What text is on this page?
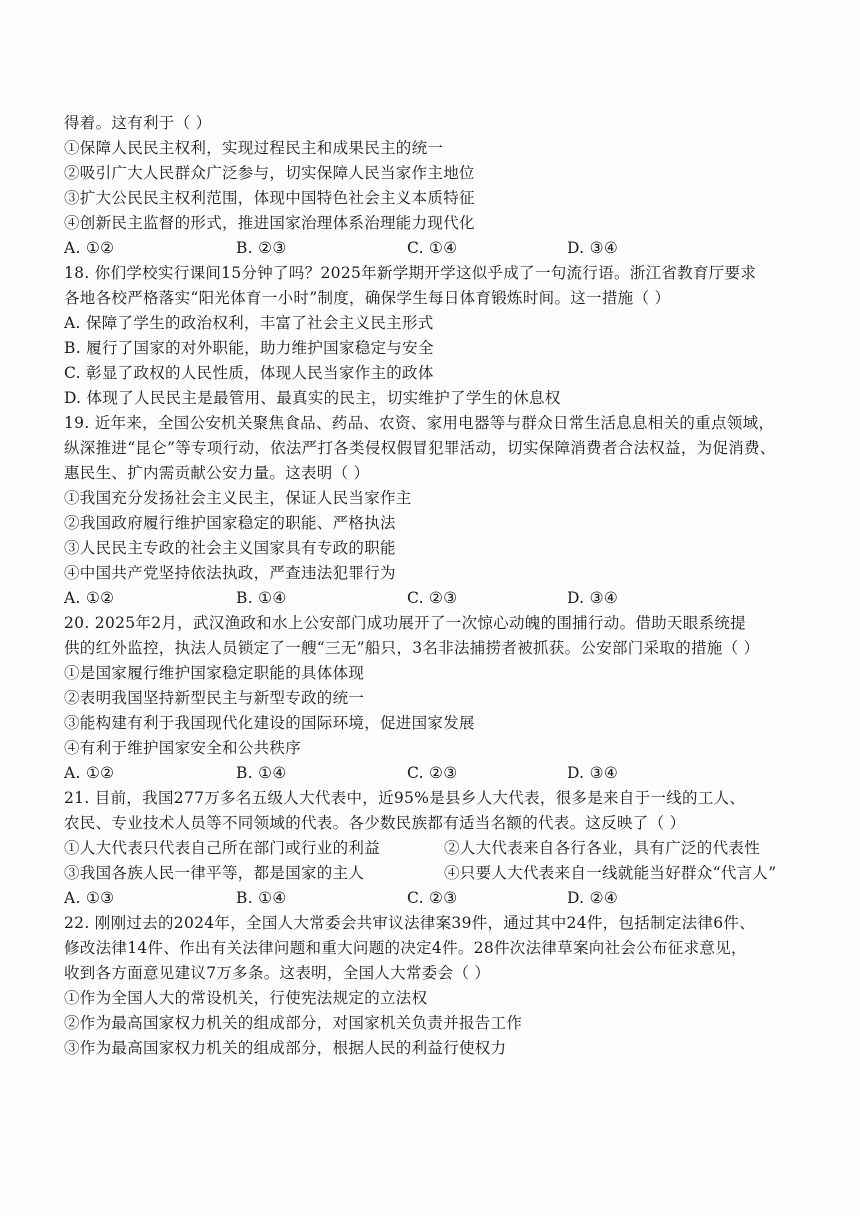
得着。这有利于（ ）
①保障人民民主权利，实现过程民主和成果民主的统一
②吸引广大人民群众广泛参与，切实保障人民当家作主地位
③扩大公民民主权利范围，体现中国特色社会主义本质特征
④创新民主监督的形式，推进国家治理体系治理能力现代化
A. ①②	B. ②③	C. ①④	D. ③④
18. 你们学校实行课间15分钟了吗？2025年新学期开学这似乎成了一句流行语。浙江省教育厅要求
各地各校严格落实“阳光体育一小时”制度，确保学生每日体育锻炼时间。这一措施（ ）
A. 保障了学生的政治权利，丰富了社会主义民主形式
B. 履行了国家的对外职能，助力维护国家稳定与安全
C. 彰显了政权的人民性质，体现人民当家作主的政体
D. 体现了人民民主是最管用、最真实的民主，切实维护了学生的休息权
19. 近年来，全国公安机关聚焦食品、药品、农资、家用电器等与群众日常生活息息相关的重点领域，
纵深推进“昆仑”等专项行动，依法严打各类侵权假冒犯罪活动，切实保障消费者合法权益，为促消费、
惠民生、扩内需贡献公安力量。这表明（ ）
①我国充分发扬社会主义民主，保证人民当家作主
②我国政府履行维护国家稳定的职能、严格执法
③人民民主专政的社会主义国家具有专政的职能
④中国共产党坚持依法执政，严查违法犯罪行为
A. ①②	B. ①④	C. ②③	D. ③④
20. 2025年2月，武汉渔政和水上公安部门成功展开了一次惊心动魄的围捕行动。借助天眼系统提
供的红外监控，执法人员锁定了一艘“三无”船只，3名非法捕捞者被抓获。公安部门采取的措施（ ）
①是国家履行维护国家稳定职能的具体体现
②表明我国坚持新型民主与新型专政的统一
③能构建有利于我国现代化建设的国际环境，促进国家发展
④有利于维护国家安全和公共秩序
A. ①②	B. ①④	C. ②③	D. ③④
21. 目前，我国277万多名五级人大代表中，近95%是县乡人大代表，很多是来自于一线的工人、
农民、专业技术人员等不同领域的代表。各少数民族都有适当名额的代表。这反映了（ ）
①人大代表只代表自己所在部门或行业的利益	②人大代表来自各行各业，具有广泛的代表性
③我国各族人民一律平等，都是国家的主人	④只要人大代表来自一线就能当好群众“代言人”
A. ①③	B. ①④	C. ②③	D. ②④
22. 刚刚过去的2024年，全国人大常委会共审议法律案39件，通过其中24件，包括制定法律6件、
修改法律14件、作出有关法律问题和重大问题的决定4件。28件次法律草案向社会公布征求意见，
收到各方面意见建议7万多条。这表明，全国人大常委会（ ）
①作为全国人大的常设机关，行使宪法规定的立法权
②作为最高国家权力机关的组成部分，对国家机关负责并报告工作
③作为最高国家权力机关的组成部分，根据人民的利益行使权力
